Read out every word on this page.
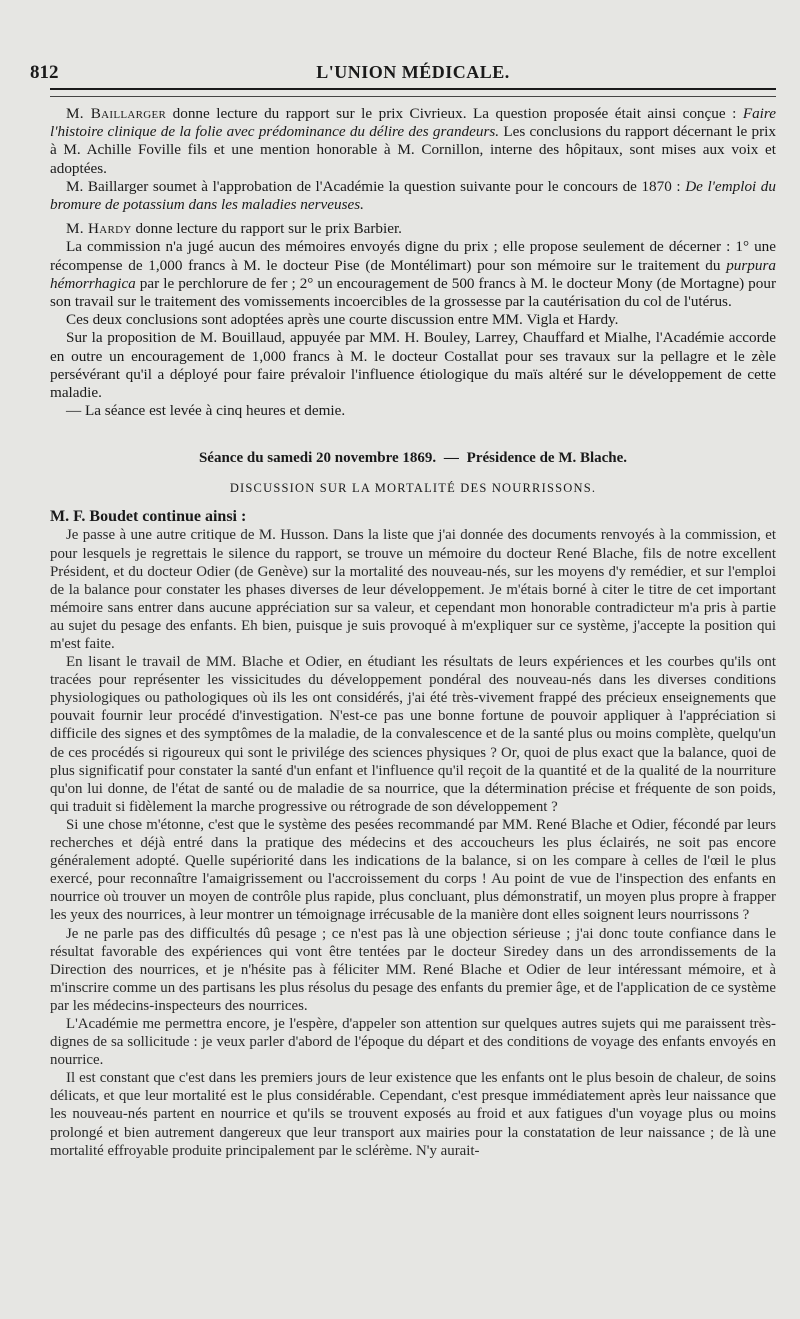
812	L'UNION MÉDICALE.

M. Baillarger donne lecture du rapport sur le prix Civrieux. La question proposée était ainsi conçue : Faire l'histoire clinique de la folie avec prédominance du délire des grandeurs. Les conclusions du rapport décernant le prix à M. Achille Foville fils et une mention honorable à M. Cornillon, interne des hôpitaux, sont mises aux voix et adoptées.

M. Baillarger soumet à l'approbation de l'Académie la question suivante pour le concours de 1870 : De l'emploi du bromure de potassium dans les maladies nerveuses.

M. Hardy donne lecture du rapport sur le prix Barbier.

La commission n'a jugé aucun des mémoires envoyés digne du prix ; elle propose seulement de décerner : 1° une récompense de 1,000 francs à M. le docteur Pise (de Montélimart) pour son mémoire sur le traitement du purpura hémorrhagica par le perchlorure de fer ; 2° un encouragement de 500 francs à M. le docteur Mony (de Mortagne) pour son travail sur le traitement des vomissements incoercibles de la grossesse par la cautérisation du col de l'utérus.

Ces deux conclusions sont adoptées après une courte discussion entre MM. Vigla et Hardy.

Sur la proposition de M. Bouillaud, appuyée par MM. H. Bouley, Larrey, Chauffard et Mialhe, l'Académie accorde en outre un encouragement de 1,000 francs à M. le docteur Costallat pour ses travaux sur la pellagre et le zèle persévérant qu'il a déployé pour faire prévaloir l'influence étiologique du maïs altéré sur le développement de cette maladie.

— La séance est levée à cinq heures et demie.

Séance du samedi 20 novembre 1869. — Présidence de M. Blache.
DISCUSSION SUR LA MORTALITÉ DES NOURRISSONS.
M. F. Boudet continue ainsi :

Je passe à une autre critique de M. Husson. Dans la liste que j'ai donnée des documents renvoyés à la commission, et pour lesquels je regrettais le silence du rapport, se trouve un mémoire du docteur René Blache, fils de notre excellent Président, et du docteur Odier (de Genève) sur la mortalité des nouveau-nés, sur les moyens d'y remédier, et sur l'emploi de la balance pour constater les phases diverses de leur développement. Je m'étais borné à citer le titre de cet important mémoire sans entrer dans aucune appréciation sur sa valeur, et cependant mon honorable contradicteur m'a pris à partie au sujet du pesage des enfants. Eh bien, puisque je suis provoqué à m'expliquer sur ce système, j'accepte la position qui m'est faite.

En lisant le travail de MM. Blache et Odier, en étudiant les résultats de leurs expériences et les courbes qu'ils ont tracées pour représenter les vissicitudes du développement pondéral des nouveau-nés dans les diverses conditions physiologiques ou pathologiques où ils les ont considérés, j'ai été très-vivement frappé des précieux enseignements que pouvait fournir leur procédé d'investigation. N'est-ce pas une bonne fortune de pouvoir appliquer à l'appréciation si difficile des signes et des symptômes de la maladie, de la convalescence et de la santé plus ou moins complète, quelqu'un de ces procédés si rigoureux qui sont le privilége des sciences physiques ? Or, quoi de plus exact que la balance, quoi de plus significatif pour constater la santé d'un enfant et l'influence qu'il reçoit de la quantité et de la qualité de la nourriture qu'on lui donne, de l'état de santé ou de maladie de sa nourrice, que la détermination précise et fréquente de son poids, qui traduit si fidèlement la marche progressive ou rétrograde de son développement ?

Si une chose m'étonne, c'est que le système des pesées recommandé par MM. René Blache et Odier, fécondé par leurs recherches et déjà entré dans la pratique des médecins et des accoucheurs les plus éclairés, ne soit pas encore généralement adopté. Quelle supériorité dans les indications de la balance, si on les compare à celles de l'œil le plus exercé, pour reconnaître l'amaigrissement ou l'accroissement du corps ! Au point de vue de l'inspection des enfants en nourrice où trouver un moyen de contrôle plus rapide, plus concluant, plus démonstratif, un moyen plus propre à frapper les yeux des nourrices, à leur montrer un témoignage irrécusable de la manière dont elles soignent leurs nourrissons ?

Je ne parle pas des difficultés dû pesage ; ce n'est pas là une objection sérieuse ; j'ai donc toute confiance dans le résultat favorable des expériences qui vont être tentées par le docteur Siredey dans un des arrondissements de la Direction des nourrices, et je n'hésite pas à féliciter MM. René Blache et Odier de leur intéressant mémoire, et à m'inscrire comme un des partisans les plus résolus du pesage des enfants du premier âge, et de l'application de ce système par les médecins-inspecteurs des nourrices.

L'Académie me permettra encore, je l'espère, d'appeler son attention sur quelques autres sujets qui me paraissent très-dignes de sa sollicitude : je veux parler d'abord de l'époque du départ et des conditions de voyage des enfants envoyés en nourrice.

Il est constant que c'est dans les premiers jours de leur existence que les enfants ont le plus besoin de chaleur, de soins délicats, et que leur mortalité est le plus considérable. Cependant, c'est presque immédiatement après leur naissance que les nouveau-nés partent en nourrice et qu'ils se trouvent exposés au froid et aux fatigues d'un voyage plus ou moins prolongé et bien autrement dangereux que leur transport aux mairies pour la constatation de leur naissance ; de là une mortalité effroyable produite principalement par le sclérème. N'y aurait-
